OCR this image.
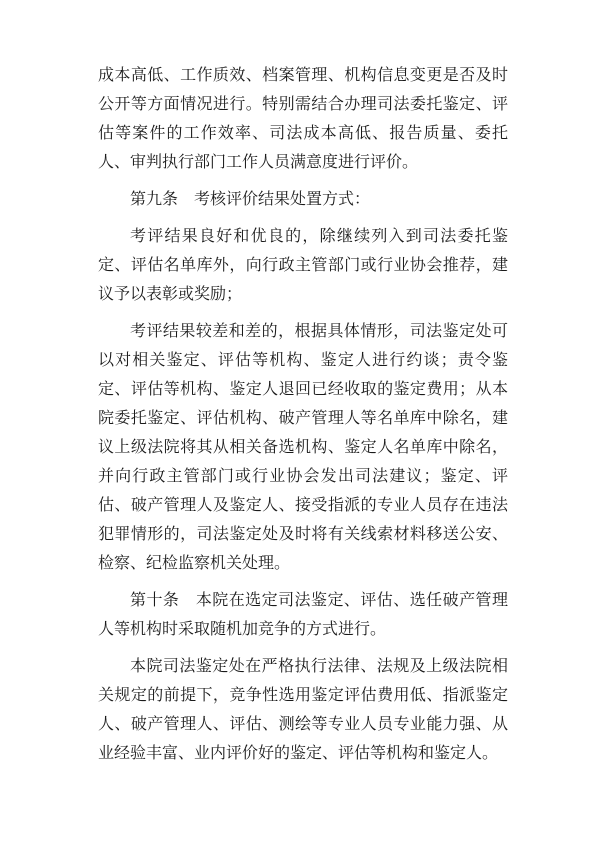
成本高低、工作质效、档案管理、机构信息变更是否及时公开等方面情况进行。特别需结合办理司法委托鉴定、评估等案件的工作效率、司法成本高低、报告质量、委托人、审判执行部门工作人员满意度进行评价。

第九条　考核评价结果处置方式：

考评结果良好和优良的，除继续列入到司法委托鉴定、评估名单库外，向行政主管部门或行业协会推荐，建议予以表彰或奖励；

考评结果较差和差的，根据具体情形，司法鉴定处可以对相关鉴定、评估等机构、鉴定人进行约谈；责令鉴定、评估等机构、鉴定人退回已经收取的鉴定费用；从本院委托鉴定、评估机构、破产管理人等名单库中除名，建议上级法院将其从相关备选机构、鉴定人名单库中除名，并向行政主管部门或行业协会发出司法建议；鉴定、评估、破产管理人及鉴定人、接受指派的专业人员存在违法犯罪情形的，司法鉴定处及时将有关线索材料移送公安、检察、纪检监察机关处理。

第十条　本院在选定司法鉴定、评估、选任破产管理人等机构时采取随机加竞争的方式进行。

本院司法鉴定处在严格执行法律、法规及上级法院相关规定的前提下，竞争性选用鉴定评估费用低、指派鉴定人、破产管理人、评估、测绘等专业人员专业能力强、从业经验丰富、业内评价好的鉴定、评估等机构和鉴定人。
